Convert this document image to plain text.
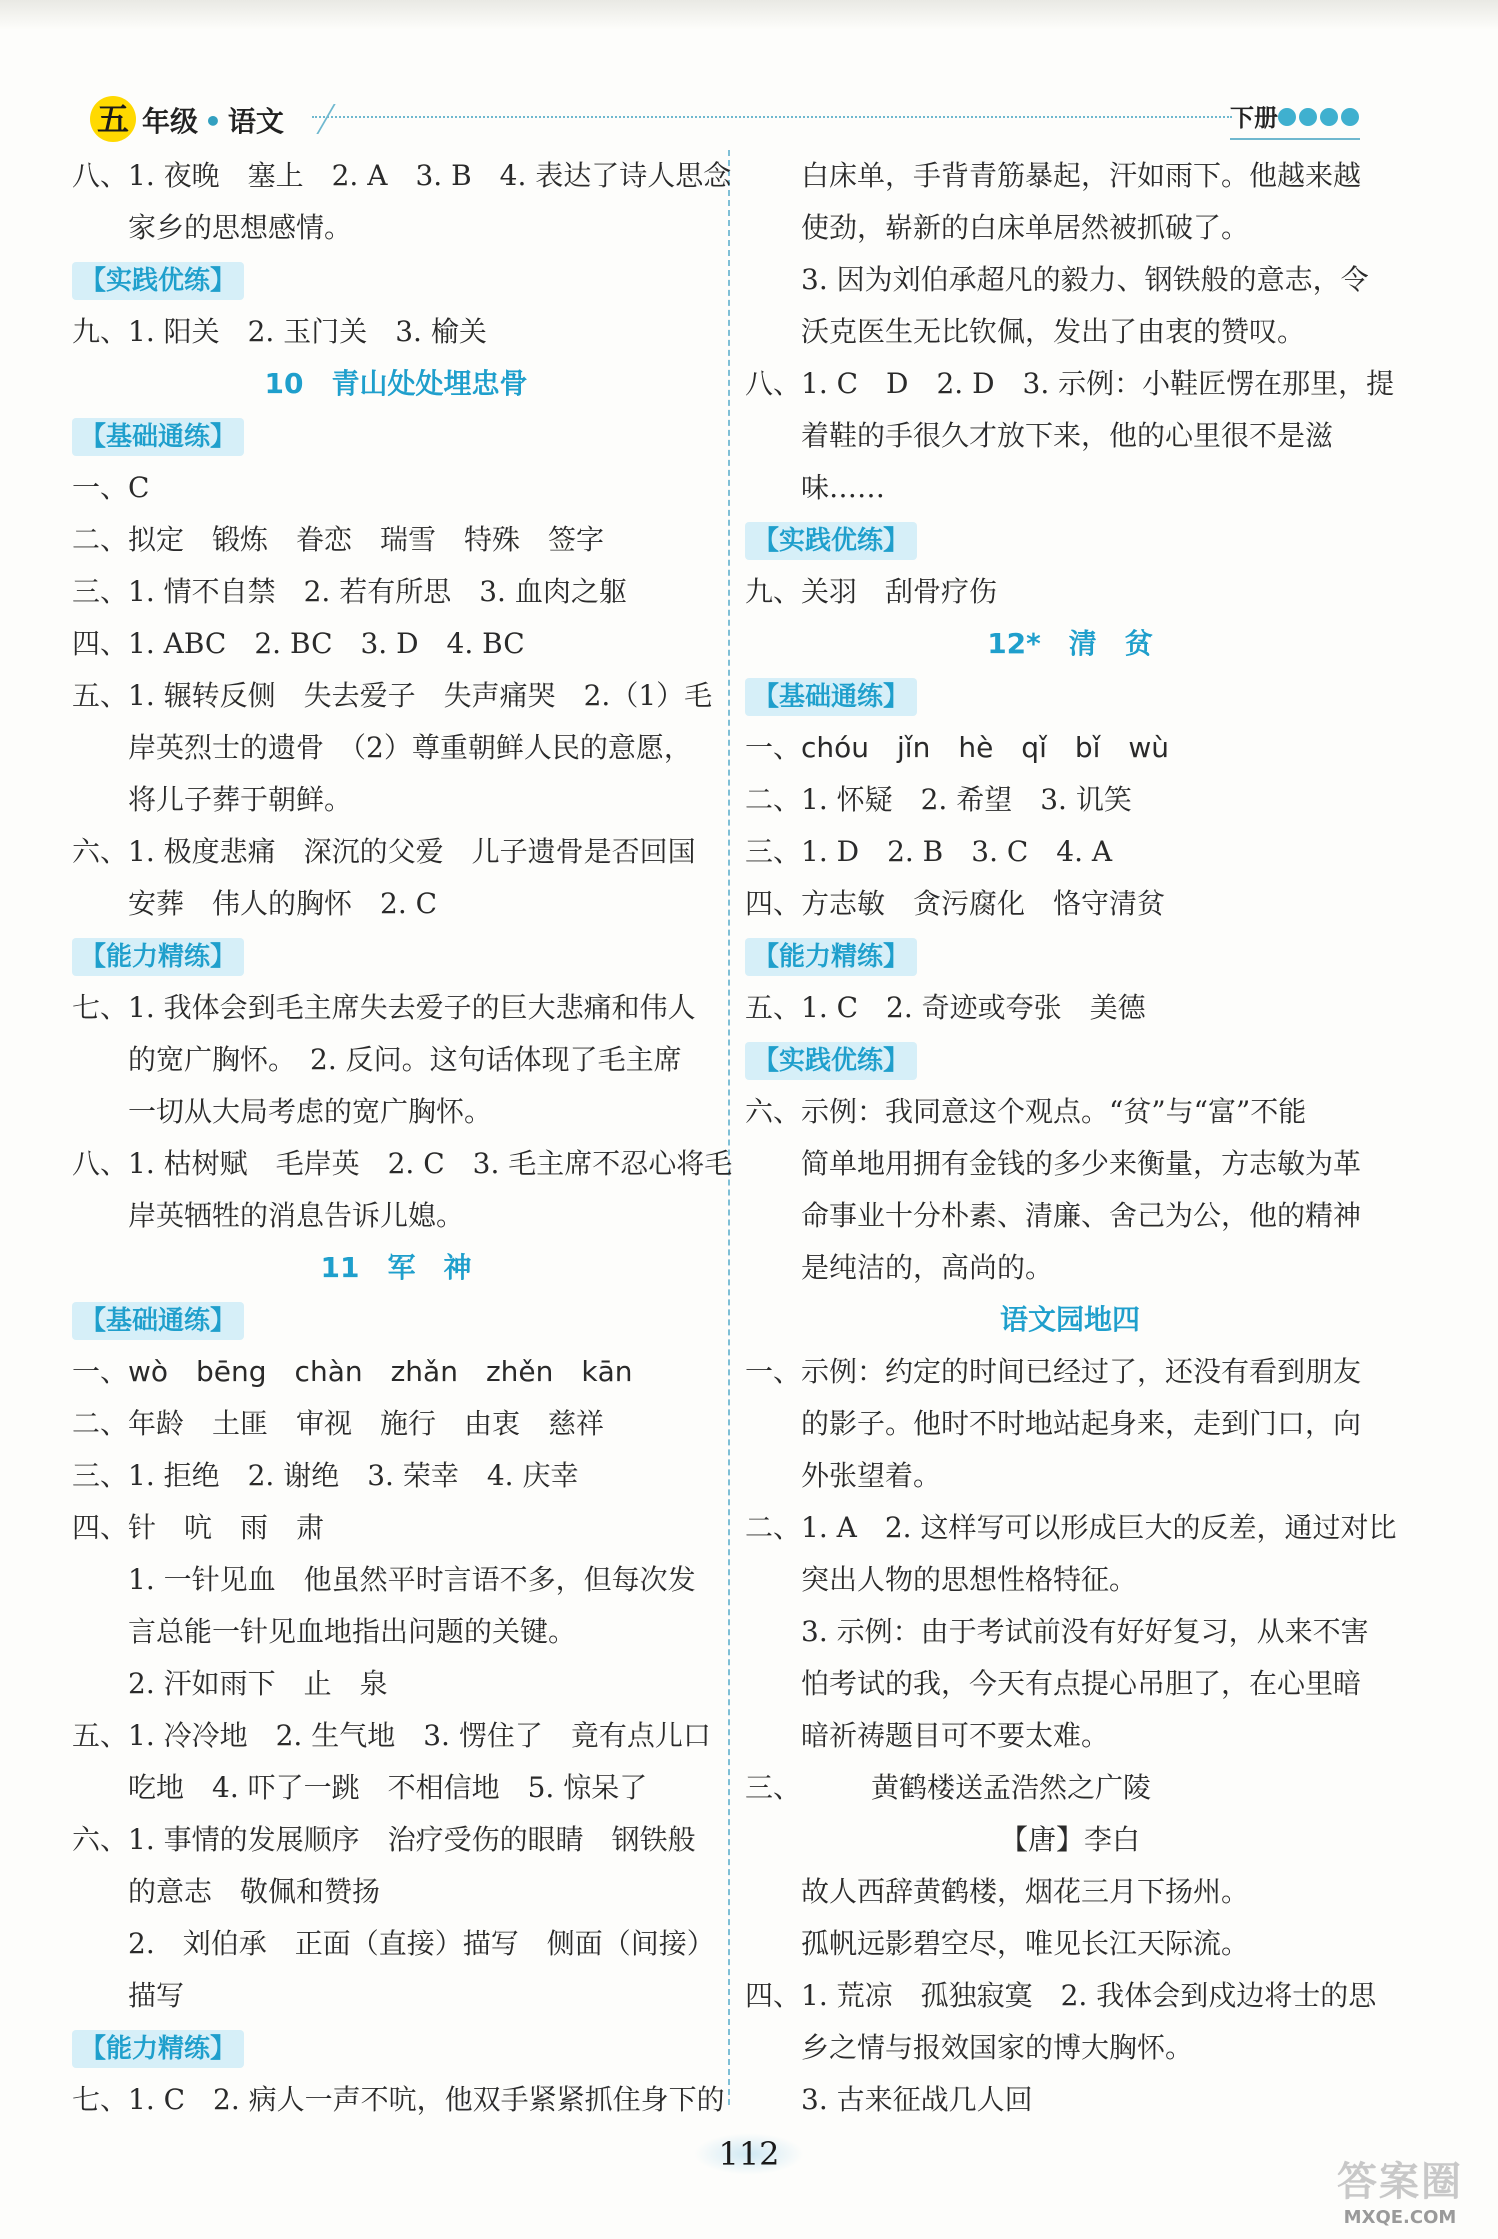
五 年级 • 语文	下册
八、1. 夜晚　塞上　2. A　3. B　4. 表达了诗人思念
家乡的思想感情。
【实践优练】
九、1. 阳关　2. 玉门关　3. 榆关
10　青山处处埋忠骨
【基础通练】
一、C
二、拟定　锻炼　眷恋　瑞雪　特殊　签字
三、1. 情不自禁　2. 若有所思　3. 血肉之躯
四、1. ABC　2. BC　3. D　4. BC
五、1. 辗转反侧　失去爱子　失声痛哭　2.（1）毛
岸英烈士的遗骨　（2）尊重朝鲜人民的意愿，
将儿子葬于朝鲜。
六、1. 极度悲痛　深沉的父爱　儿子遗骨是否回国
安葬　伟人的胸怀　2. C
【能力精练】
七、1. 我体会到毛主席失去爱子的巨大悲痛和伟人
的宽广胸怀。　2. 反问。这句话体现了毛主席
一切从大局考虑的宽广胸怀。
八、1. 枯树赋　毛岸英　2. C　3. 毛主席不忍心将毛
岸英牺牲的消息告诉儿媳。
11　军　神
【基础通练】
一、wò　bēng　chàn　zhǎn　zhěn　kān
二、年龄　土匪　审视　施行　由衷　慈祥
三、1. 拒绝　2. 谢绝　3. 荣幸　4. 庆幸
四、针　吭　雨　肃
1. 一针见血　他虽然平时言语不多，但每次发
言总能一针见血地指出问题的关键。
2. 汗如雨下　止　泉
五、1. 冷冷地　2. 生气地　3. 愣住了　竟有点儿口
吃地　4. 吓了一跳　不相信地　5. 惊呆了
六、1. 事情的发展顺序　治疗受伤的眼睛　钢铁般
的意志　敬佩和赞扬
2.　刘伯承　正面（直接）描写　侧面（间接）
描写
【能力精练】
七、1. C　2. 病人一声不吭，他双手紧紧抓住身下的
白床单，手背青筋暴起，汗如雨下。他越来越
使劲，崭新的白床单居然被抓破了。
3. 因为刘伯承超凡的毅力、钢铁般的意志，令
沃克医生无比钦佩，发出了由衷的赞叹。
八、1. C　D　2. D　3. 示例：小鞋匠愣在那里，提
着鞋的手很久才放下来，他的心里很不是滋
味……
【实践优练】
九、关羽　刮骨疗伤
12*　清　贫
【基础通练】
一、chóu　jǐn　hè　qǐ　bǐ　wù
二、1. 怀疑　2. 希望　3. 讥笑
三、1. D　2. B　3. C　4. A
四、方志敏　贪污腐化　恪守清贫
【能力精练】
五、1. C　2. 奇迹或夸张　美德
【实践优练】
六、示例：我同意这个观点。“贫”与“富”不能
简单地用拥有金钱的多少来衡量，方志敏为革
命事业十分朴素、清廉、舍己为公，他的精神
是纯洁的，高尚的。
语文园地四
一、示例：约定的时间已经过了，还没有看到朋友
的影子。他时不时地站起身来，走到门口，向
外张望着。
二、1. A　2. 这样写可以形成巨大的反差，通过对比
突出人物的思想性格特征。
3. 示例：由于考试前没有好好复习，从来不害
怕考试的我，今天有点提心吊胆了，在心里暗
暗祈祷题目可不要太难。
三、　　　黄鹤楼送孟浩然之广陵
【唐】李白
故人西辞黄鹤楼，烟花三月下扬州。
孤帆远影碧空尽，唯见长江天际流。
四、1. 荒凉　孤独寂寞　2. 我体会到戍边将士的思
乡之情与报效国家的博大胸怀。
3. 古来征战几人回
112
答案圈
MXQE.COM
